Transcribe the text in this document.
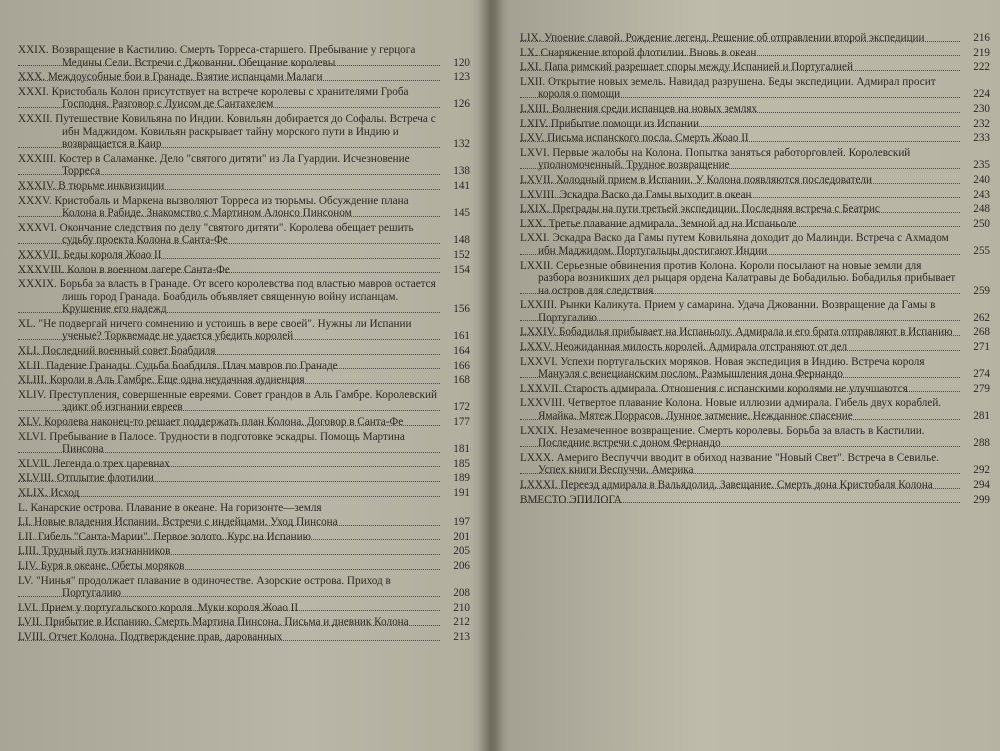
XXIX. Возвращение в Кастилию. Смерть Торреса-старшего. Пребывание у герцога Медины Сели. Встречи с Джованни. Обещание королевы	120
XXX. Междоусобные бои в Гранаде. Взятие испанцами Малаги	123
XXXI. Кристобаль Колон присутствует на встрече королевы с хранителями Гроба Господня. Разговор с Луисом де Сантахелем	126
XXXII. Путешествие Ковильяна по Индии. Ковильян добирается до Софалы. Встреча с ибн Маджидом. Ковильян раскрывает тайну морского пути в Индию и возвращается в Каир	132
XXXIII. Костер в Саламанке. Дело "святого дитяти" из Ла Гуардии. Исчезновение Торреса	138
XXXIV. В тюрьме инквизиции	141
XXXV. Кристобаль и Маркена вызволяют Торреса из тюрьмы. Обсуждение плана Колона в Рабиде. Знакомство с Мартином Алонсо Пинсоном	145
XXXVI. Окончание следствия по делу "святого дитяти". Королева обещает решить судьбу проекта Колона в Санта-Фе	148
XXXVII. Беды короля Жоао II	152
XXXVIII. Колон в военном лагере Санта-Фе	154
XXXIX. Борьба за власть в Гранаде. От всего королевства под властью мавров остается лишь город Гранада. Боабдиль объявляет священную войну испанцам. Крушение его надежд	156
XL. "Не подвергай ничего сомнению и устоишь в вере своей". Нужны ли Испании ученые? Торквемаде не удается убедить королей	161
XLI. Последний военный совет Боабдиля	164
XLII. Падение Гранады. Судьба Боабдиля. Плач мавров по Гранаде	166
XLIII. Короли в Аль Гамбре. Еще одна неудачная аудиенция	168
XLIV. Преступления, совершенные евреями. Совет грандов в Аль Гамбре. Королевский эдикт об изгнании евреев	172
XLV. Королева наконец-то решает поддержать план Колона. Договор в Санта-Фе	177
XLVI. Пребывание в Палосе. Трудности в подготовке эскадры. Помощь Мартина Пинсона	181
XLVII. Легенда о трех царевнах	185
XLVIII. Отплытие флотилии	189
XLIX. Исход	191
L. Канарские острова. Плавание в океане. На горизонте—земля
LI. Новые владения Испании. Встречи с индейцами. Уход Пинсона	197
LII. Гибель "Санта-Марии". Первое золото. Курс на Испанию	201
LIII. Трудный путь изгнанников	205
LIV. Буря в океане. Обеты моряков	206
LV. "Нинья" продолжает плавание в одиночестве. Азорские острова. Приход в Португалию	208
LVI. Прием у португальского короля. Муки короля Жоао II	210
LVII. Прибытие в Испанию. Смерть Мартина Пинсона. Письма и дневник Колона	212
LVIII. Отчет Колона. Подтверждение прав, дарованных	213
LIX. Упоение славой. Рождение легенд. Решение об отправлении второй экспедиции	216
LX. Снаряжение второй флотилии. Вновь в океан	219
LXI. Папа римский разрешает споры между Испанией и Португалией	222
LXII. Открытие новых земель. Навидад разрушена. Беды экспедиции. Адмирал просит короля о помощи	224
LXIII. Волнения среди испанцев на новых землях	230
LXIV. Прибытие помощи из Испании	232
LXV. Письма испанского посла. Смерть Жоао II	233
LXVI. Первые жалобы на Колона. Попытка заняться работорговлей. Королевский уполномоченный. Трудное возвращение	235
LXVII. Холодный прием в Испании. У Колона появляются последователи	240
LXVIII. Эскадра Васко да Гамы выходит в океан	243
LXIX. Преграды на пути третьей экспедиции. Последняя встреча с Беатрис	248
LXX. Третье плавание адмирала. Земной ад на Испаньоле	250
LXXI. Эскадра Васко да Гамы путем Ковильяна доходит до Малинди. Встреча с Ахмадом ибн Маджидом. Португальцы достигают Индии	255
LXXII. Серьезные обвинения против Колона. Короли посылают на новые земли для разбора возникших дел рыцаря ордена Калатравы де Бобадилью. Бобадилья прибывает на остров для следствия	259
LXXIII. Рынки Каликута. Прием у самарина. Удача Джованни. Возвращение да Гамы в Португалию	262
LXXIV. Бобадилья прибывает на Испаньолу. Адмирала и его брата отправляют в Испанию	268
LXXV. Неожиданная милость королей. Адмирала отстраняют от дел	271
LXXVI. Успехи португальских моряков. Новая экспедиция в Индию. Встреча короля Мануэля с венецианским послом. Размышления дона Фернандо	274
LXXVII. Старость адмирала. Отношения с испанскими королями не улучшаются	279
LXXVIII. Четвертое плавание Колона. Новые иллюзии адмирала. Гибель двух кораблей. Ямайка. Мятеж Поррасов. Лунное затмение. Нежданное спасение	281
LXXIX. Незамеченное возвращение. Смерть королевы. Борьба за власть в Кастилии. Последние встречи с доном Фернандо	288
LXXX. Америго Веспуччи вводит в обиход название "Новый Свет". Встреча в Севилье. Успех книги Веспуччи. Америка	292
LXXXI. Переезд адмирала в Вальядолид. Завещание. Смерть дона Кристобаля Колона	294
ВМЕСТО ЭПИЛОГА	299
